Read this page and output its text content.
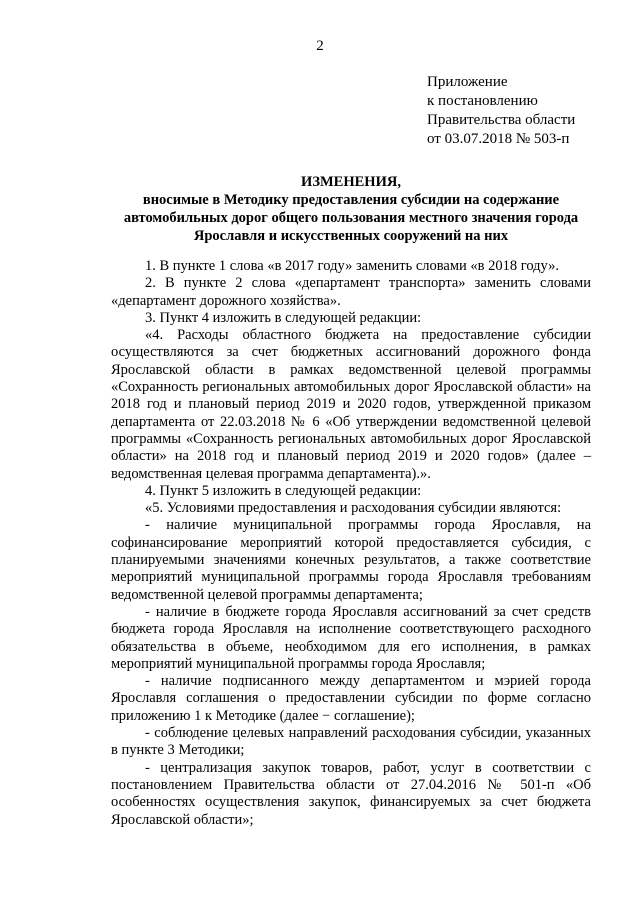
2
Приложение
к постановлению
Правительства области
от 03.07.2018 № 503-п
ИЗМЕНЕНИЯ,
вносимые в Методику предоставления субсидии на содержание
автомобильных дорог общего пользования местного значения города
Ярославля и искусственных сооружений на них

1. В пункте 1 слова «в 2017 году» заменить словами «в 2018 году».

2. В пункте 2 слова «департамент транспорта» заменить словами «департамент дорожного хозяйства».

3. Пункт 4 изложить в следующей редакции:

«4. Расходы областного бюджета на предоставление субсидии осуществляются за счет бюджетных ассигнований дорожного фонда Ярославской области в рамках ведомственной целевой программы «Сохранность региональных автомобильных дорог Ярославской области» на 2018 год и плановый период 2019 и 2020 годов, утвержденной приказом департамента от 22.03.2018 № 6 «Об утверждении ведомственной целевой программы «Сохранность региональных автомобильных дорог Ярославской области» на 2018 год и плановый период 2019 и 2020 годов» (далее – ведомственная целевая программа департамента).».

4. Пункт 5 изложить в следующей редакции:

«5. Условиями предоставления и расходования субсидии являются:

- наличие муниципальной программы города Ярославля, на софинансирование мероприятий которой предоставляется субсидия, с планируемыми значениями конечных результатов, а также соответствие мероприятий муниципальной программы города Ярославля требованиям ведомственной целевой программы департамента;

- наличие в бюджете города Ярославля ассигнований за счет средств бюджета города Ярославля на исполнение соответствующего расходного обязательства в объеме, необходимом для его исполнения, в рамках мероприятий муниципальной программы города Ярославля;

- наличие подписанного между департаментом и мэрией города Ярославля соглашения о предоставлении субсидии по форме согласно приложению 1 к Методике (далее − соглашение);

- соблюдение целевых направлений расходования субсидии, указанных в пункте 3 Методики;

- централизация закупок товаров, работ, услуг в соответствии с постановлением Правительства области от 27.04.2016 № 501-п «Об особенностях осуществления закупок, финансируемых за счет бюджета Ярославской области»;
